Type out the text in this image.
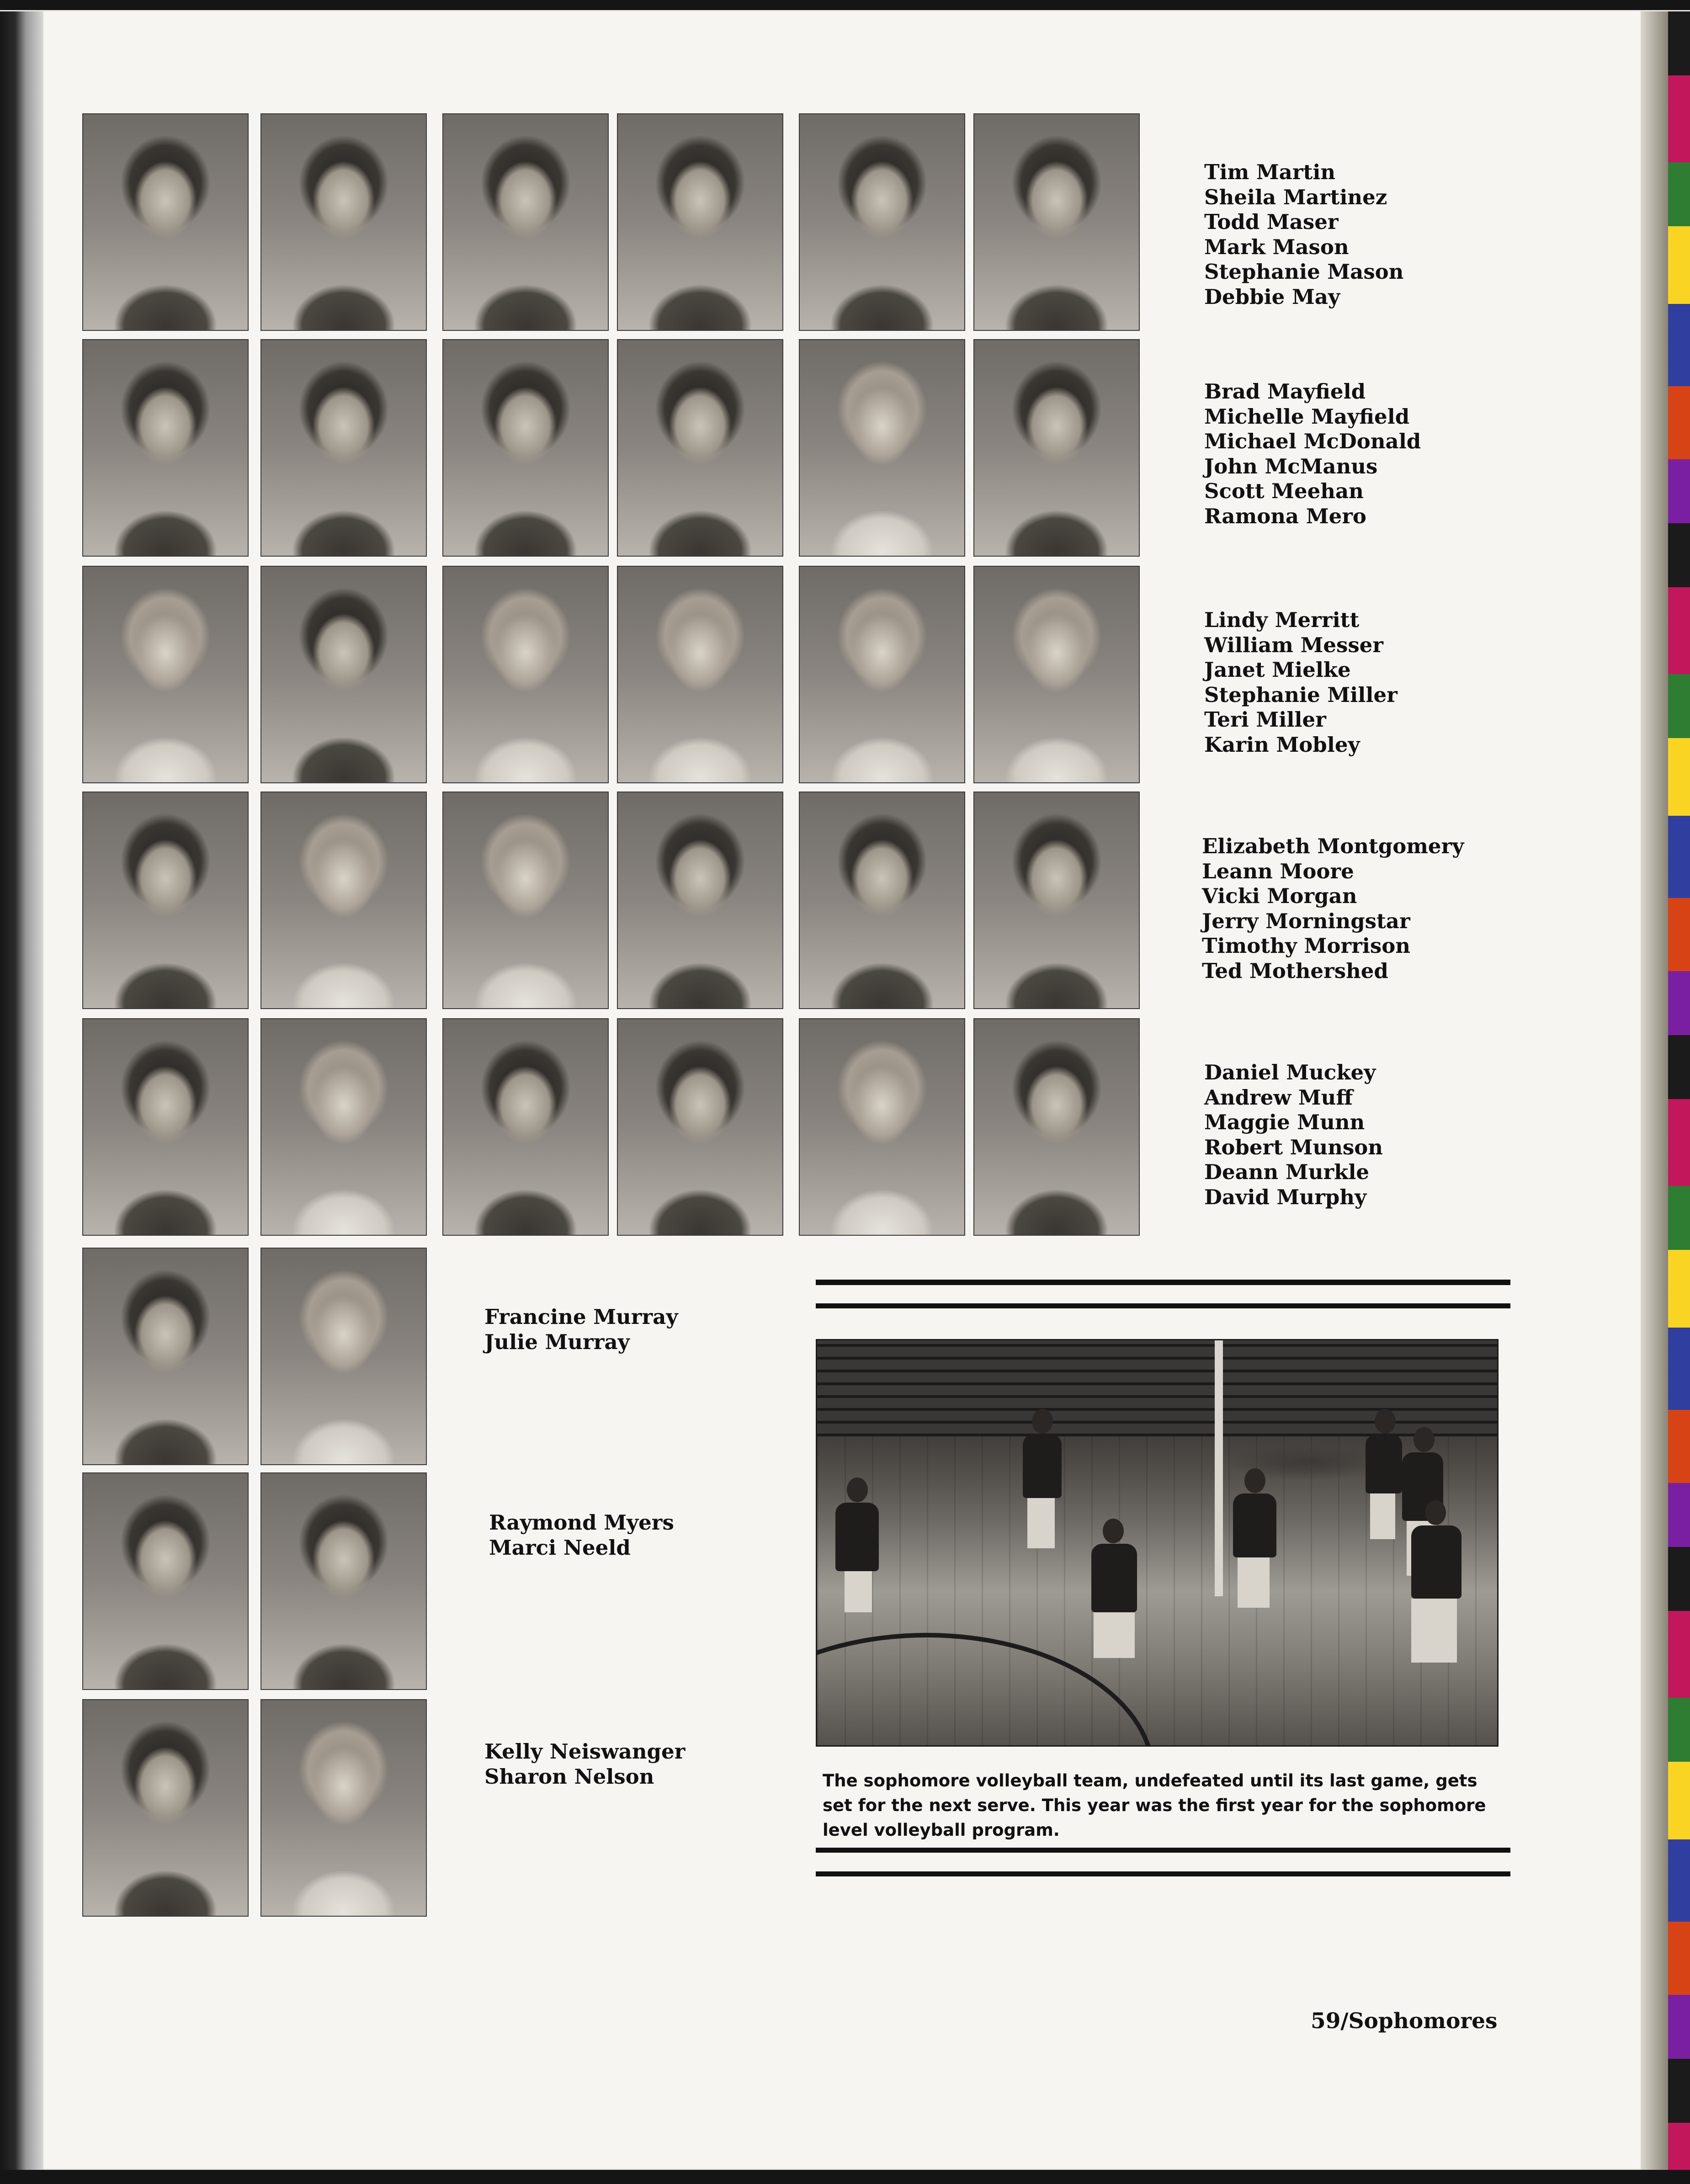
Tim Martin
Sheila Martinez
Todd Maser
Mark Mason
Stephanie Mason
Debbie May
Brad Mayfield
Michelle Mayfield
Michael McDonald
John McManus
Scott Meehan
Ramona Mero
Lindy Merritt
William Messer
Janet Mielke
Stephanie Miller
Teri Miller
Karin Mobley
Elizabeth Montgomery
Leann Moore
Vicki Morgan
Jerry Morningstar
Timothy Morrison
Ted Mothershed
Daniel Muckey
Andrew Muff
Maggie Munn
Robert Munson
Deann Murkle
David Murphy
Francine Murray
Julie Murray
Raymond Myers
Marci Neeld
Kelly Neiswanger
Sharon Nelson	The sophomore volleyball team, undefeated until its last game, gets set for the next serve. This year was the first year for the sophomore level volleyball program.

59/Sophomores
